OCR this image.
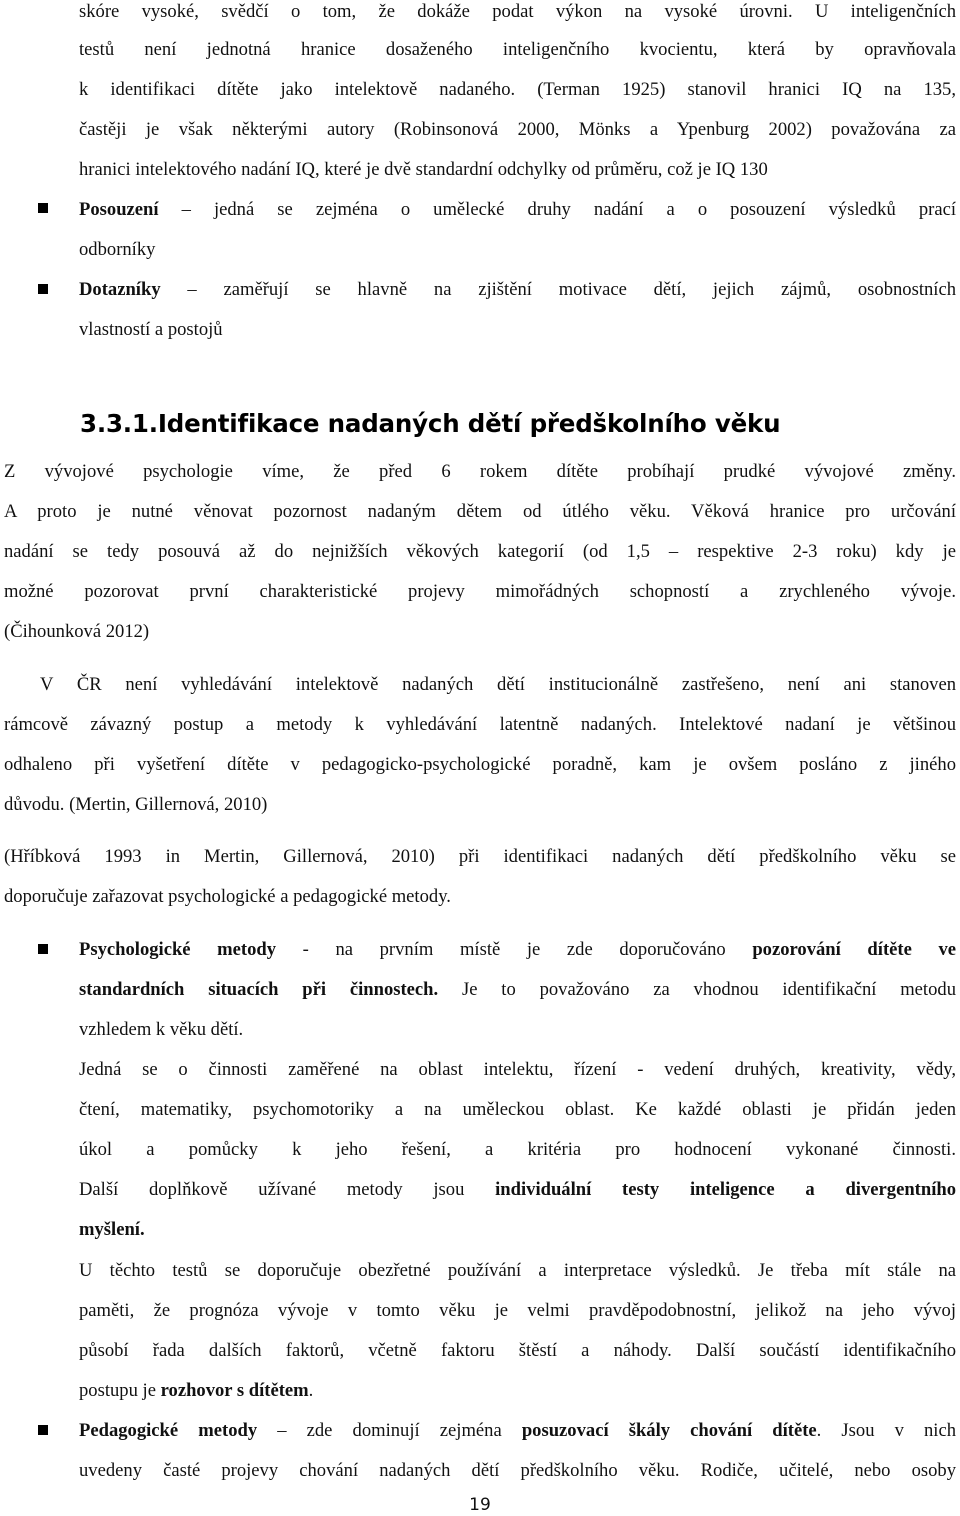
skóre vysoké, svědčí o tom, že dokáže podat výkon na vysoké úrovni. U inteligenčních

testů není jednotná hranice dosaženého inteligenčního kvocientu, která by opravňovala

k identifikaci dítěte jako intelektově nadaného. (Terman 1925) stanovil hranici IQ na 135,

častěji je však některými autory (Robinsonová 2000, Mönks a Ypenburg 2002) považována za

hranici intelektového nadání IQ, které je dvě standardní odchylky od průměru, což je IQ 130

Posouzení – jedná se zejména o umělecké druhy nadání a o posouzení výsledků prací

odborníky

Dotazníky – zaměřují se hlavně na zjištění motivace dětí, jejich zájmů, osobnostních

vlastností a postojů

3.3.1.Identifikace nadaných dětí předškolního věku

Z vývojové psychologie víme, že před 6 rokem dítěte probíhají prudké vývojové změny.

A proto je nutné věnovat pozornost nadaným dětem od útlého věku. Věková hranice pro určování

nadání se tedy posouvá až do nejnižších věkových kategorií (od 1,5 – respektive 2-3 roku) kdy je

možné pozorovat první charakteristické projevy mimořádných schopností a zrychleného vývoje.

(Čihounková 2012)

V ČR není vyhledávání intelektově nadaných dětí institucionálně zastřešeno, není ani stanoven

rámcově závazný postup a metody k vyhledávání latentně nadaných. Intelektové nadaní je většinou

odhaleno při vyšetření dítěte v pedagogicko-psychologické poradně, kam je ovšem posláno z jiného

důvodu. (Mertin, Gillernová, 2010)

(Hříbková 1993 in Mertin, Gillernová, 2010) při identifikaci nadaných dětí předškolního věku se

doporučuje zařazovat psychologické a pedagogické metody.

Psychologické metody - na prvním místě je zde doporučováno pozorování dítěte ve

standardních situacích při činnostech. Je to považováno za vhodnou identifikační metodu

vzhledem k věku dětí.

Jedná se o činnosti zaměřené na oblast intelektu, řízení - vedení druhých, kreativity, vědy,

čtení, matematiky, psychomotoriky a na uměleckou oblast. Ke každé oblasti je přidán jeden

úkol a pomůcky k jeho řešení, a kritéria pro hodnocení vykonané činnosti.

Další doplňkově užívané metody jsou individuální testy inteligence a divergentního

myšlení.

U těchto testů se doporučuje obezřetné používání a interpretace výsledků. Je třeba mít stále na

paměti, že prognóza vývoje v tomto věku je velmi pravděpodobnostní, jelikož na jeho vývoj

působí řada dalších faktorů, včetně faktoru štěstí a náhody. Další součástí identifikačního

postupu je rozhovor s dítětem.

Pedagogické metody – zde dominují zejména posuzovací škály chování dítěte. Jsou v nich

uvedeny časté projevy chování nadaných dětí předškolního věku. Rodiče, učitelé, nebo osoby

19
